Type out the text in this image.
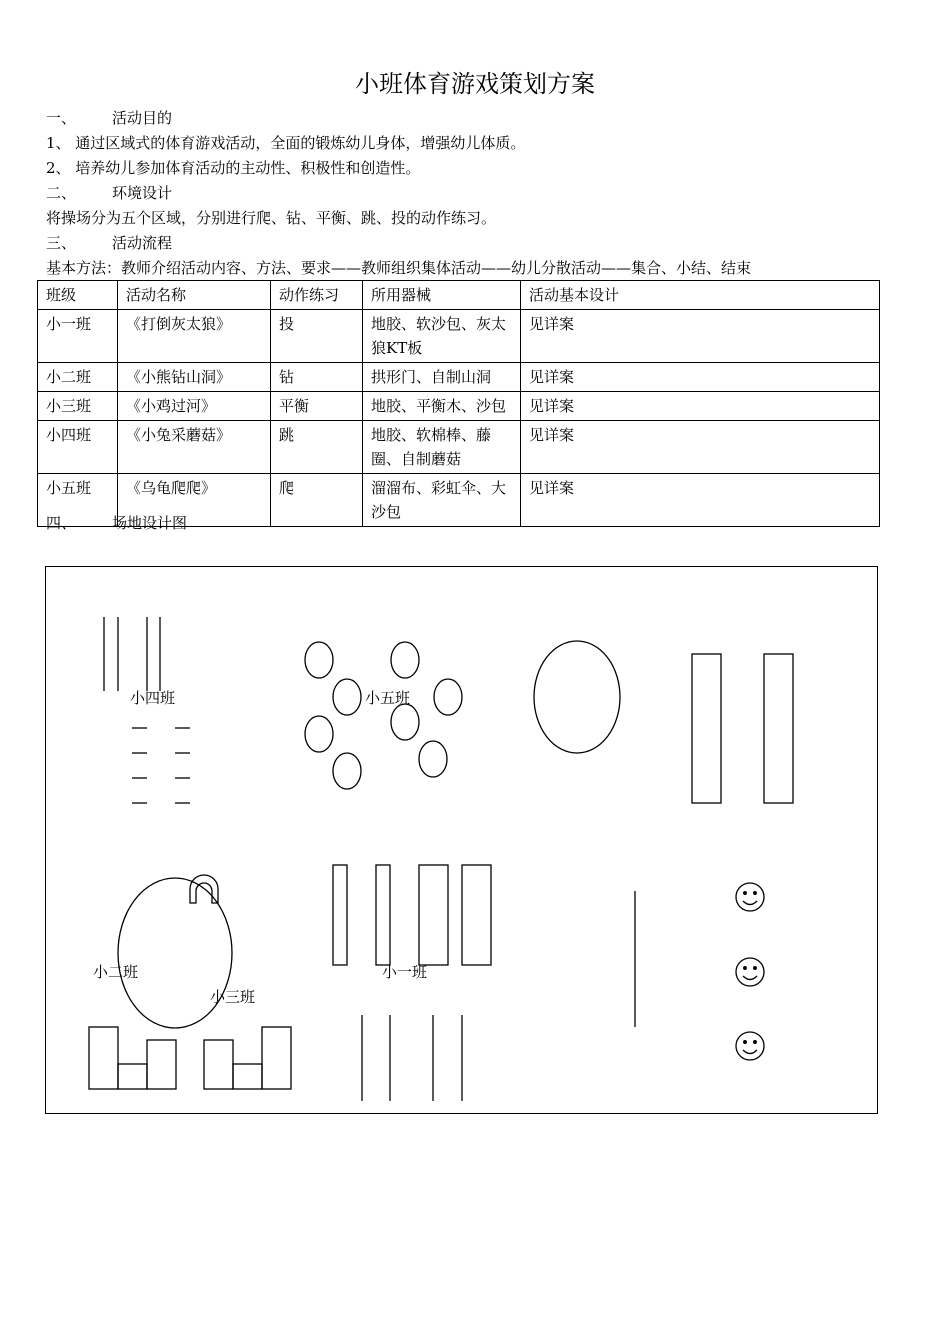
小班体育游戏策划方案
一、 活动目的
1、 通过区域式的体育游戏活动，全面的锻炼幼儿身体，增强幼儿体质。
2、 培养幼儿参加体育活动的主动性、积极性和创造性。
二、 环境设计
将操场分为五个区域，分别进行爬、钻、平衡、跳、投的动作练习。
三、 活动流程
基本方法：教师介绍活动内容、方法、要求——教师组织集体活动——幼儿分散活动——集合、小结、结束
班级	活动名称	动作练习	所用器械	活动基本设计
小一班	《打倒灰太狼》	投	地胶、软沙包、灰太狼KT板	见详案
小二班	《小熊钻山洞》	钻	拱形门、自制山洞	见详案
小三班	《小鸡过河》	平衡	地胶、平衡木、沙包	见详案
小四班	《小兔采蘑菇》	跳	地胶、软棉棒、藤圈、自制蘑菇	见详案
小五班	《乌龟爬爬》	爬	溜溜布、彩虹伞、大沙包	见详案
四、 场地设计图
小四班	小五班
小二班
小三班
小一班
